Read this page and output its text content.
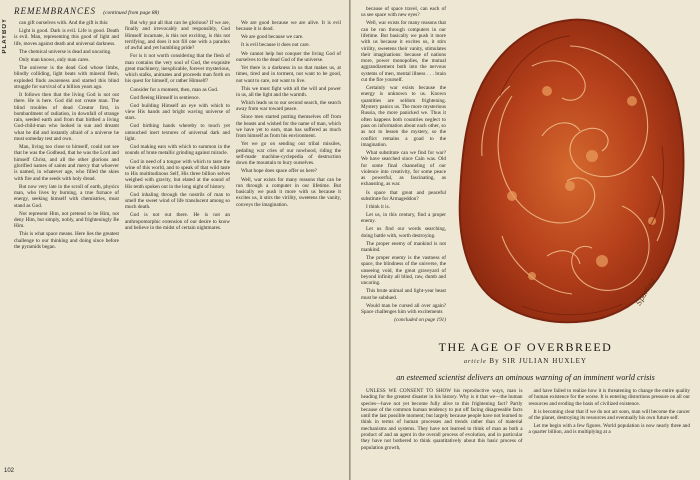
PLAYBOY
REMEMBRANCES (continued from page 88)

can gift ourselves with. And the gift is this:

Light is good. Dark is evil. Life is good. Death is evil. Man, representing this good of light and life, moves against death and universal darkness.

The chemical universe is dead and uncaring.

Only man knows, only man cares.

The universe is the dead God whose limbs, blindly colliding, light beats with mineral flesh, exploded finds awareness and started this blind struggle for survival of a billion years ago.

It follows then that the living God is not out there. He is here. God did not create man. The blind troubles of dead Creator first, in bombardment of radiation, in downfall of strange rain, seeded earth and from that birthed a living God-child-man who looked in sun and dreamt what he did and instantly afraid of a universe he must someday test and own.

Man, living too close to himself, could not see that he was the Godhead, that he was the Lord and himself Christ, and all the other glorious and glorified names of saints and mercy that whoever is named, in whatever age, who filled the skies with fire and the seeds with holy dread.

But now very late in the scroll of earth, physics man, who lives by burning, a true furnace of energy, seeking himself with chemistries, must stand as God.

Not represent Him, not pretend to be Him, not deny Him, but simply, nobly, and frighteningly Be Him.

This is what space means. Here lies the greatest challenge to our thinking and doing since before the pyramids began.

But why put all that can be glorious? If we are, finally and irrevocably and responsibly, God Himself incarnate, is this not exciting, is this not terrifying, and does it not fill one with a paradox of awful and yet humbling pride?

For is it not worth considering that the flesh of man contains the very soul of God, the exquisite great machinery, inexplicable, forever mysterious, which stalks, animates and proceeds man forth on his quest for himself, or rather Himself?

Consider for a moment, then, man as God.

God fleeing Himself in sentience.

God building Himself an eye with which to view His hands and bright waving universe of stars.

God birthing hands whereby to touch yet untouched inert textures of universal dark and light.

God making ears with which to summon in the sounds of brute metallic grinding against miracle.

God in need of a tongue with which to taste the wine of this world, and to speak of that wild taste to His multitudinous Self, His three billion selves weighed with gravity, but elated at the sound of His tenth spoken out in the long night of history.

God inhaling through the nostrils of man to smell the sweet wind of life translucent among so much death.

God is not out there. He is not an anthropomorphic extension of our desire to know and believe in the midst of certain nightmares.

We are good because we are alive. It is evil because it is dead.

We are good because we care.

It is evil because it does not care.

We cannot help but conquer the living God of ourselves to the dead God of the universe.

Yet there is a darkness in us that makes us, at times, tired and in torment, not want to be good, not want to care, not want to live.

This we must fight with all the will and power in us, all the light and the warmth.

Which leads us to our second search, the search away from war toward peace.

Since men started putting themselves off from the beasts and wished for the name of man, which we have yet to earn, man has suffered as much from himself as from his environment.

Yet we go on sending out tribal missiles, pedaling war cries of our nowhood, riding the self-made machine-cyclepedia of destruction down the mountain to bury ourselves.

What hope does space offer us here?

Well, war exists for many reasons that can be run through a computer in our lifetime. But basically we push it more with us because it excites us, it stirs the virility, sweetens the vanity, conveys the imagination.

102

because of space travel, can each of us see space with new eyes?

Well, war exists for many reasons that can be run through computers in our lifetime. But basically we push it more with us because it excites us, it stirs virility, sweetens their vanity, stimulates their imaginations: because of nations more, power monopolies, the mutual aggrandizement both into the nervous systems of men, mental illness . . . brain cut the fire yourself.

Certainly war exists because the energy is unknown to us. Known quantities are seldom frightening. Mystery panics us. The more mysterious Russia, the more panicked we. Thus it often happens both countries neglect to pass on information about each other, so as not to lessen the mystery, so the conflict remains a goad to the imagination.

What substitute can we find for war? We have searched since Cain was. Old for some final channeling of our violence into creativity, for some peace as powerful, as fascinating, as exhausting, as war.

Is space that great and peaceful substitute for Armageddon?

I think it is.

Let us, in this century, find a proper enemy.

Let us find our words searching, doing battle with, worth destroying.

The proper enemy of mankind is not mankind.

The proper enemy is the vastness of space, the blindness of the universe, the unseeing void, the great graveyard of beyond infinity all blind, raw, dumb and uncaring.

This brute animal and light-year beast must be subdued.

Would man be cursed all over again? Space challenges him with excitements

(concluded on page 191)

Sparling
THE AGE OF OVERBREED
article By SIR JULIAN HUXLEY
an esteemed scientist delivers an ominous warning of an imminent world crisis

UNLESS WE CONSENT TO SHOW his reproductive ways, man is heading for the greatest disaster in his history. Why is it that we—the human species—have not yet become fully alive to this frightening fact? Partly because of the common human tendency to put off facing disagreeable facts until the last possible moment; but largely because people have not learned to think in terms of human processes and trends rather than of material mechanisms and systems. They have not learned to think of man as both a product of and an agent in the overall process of evolution, and in particular they have not bothered to think quantitatively about this basic process of population growth,

and have failed to realize how it is threatening to change the entire quality of human existence for the worse. It is entering distortions pressure on all our resources and eroding the basis of civilized existence.

It is becoming clear that if we do not act soon, man will become the cancer of the planet, destroying its resources and eventually his own future self.

Let me begin with a few figures. World population is now nearly three and a quarter billion, and is multiplying at a
